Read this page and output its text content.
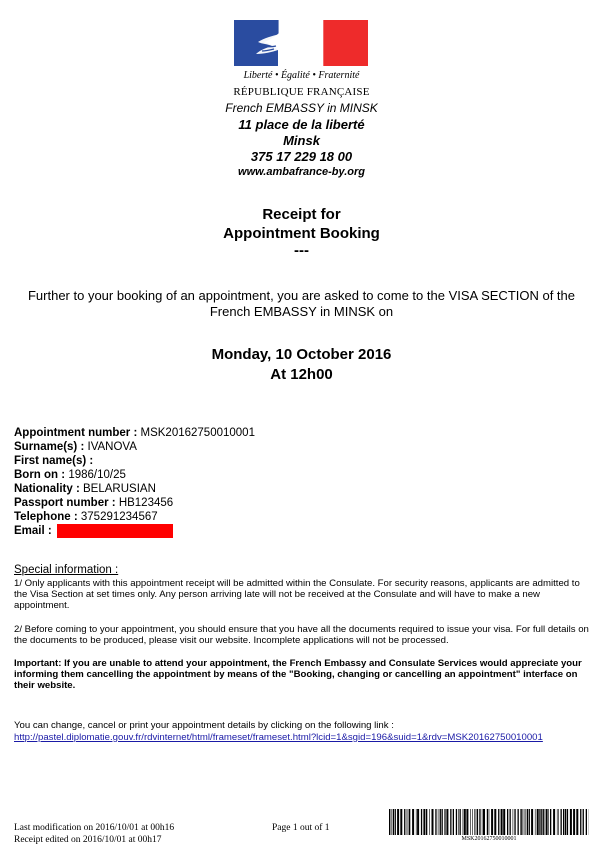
Liberté • Égalité • Fraternité
RÉPUBLIQUE FRANÇAISE
French EMBASSY in MINSK
11 place de la liberté
Minsk
375 17 229 18 00
www.ambafrance-by.org
Receipt for
Appointment Booking
---
Further to your booking of an appointment, you are asked to come to the VISA SECTION of the French EMBASSY in MINSK on
Monday, 10 October 2016
At 12h00
Appointment number : MSK20162750010001
Surname(s) : IVANOVA
First name(s) :
Born on : 1986/10/25
Nationality : BELARUSIAN
Passport number : HB123456
Telephone : 375291234567
Email :
Special information :
1/ Only applicants with this appointment receipt will be admitted within the Consulate. For security reasons, applicants are admitted to the Visa Section at set times only. Any person arriving late will not be received at the Consulate and will have to make a new appointment.
2/ Before coming to your appointment, you should ensure that you have all the documents required to issue your visa. For full details on the documents to be produced, please visit our website. Incomplete applications will not be processed.
Important: If you are unable to attend your appointment, the French Embassy and Consulate Services would appreciate your informing them cancelling the appointment by means of the "Booking, changing or cancelling an appointment" interface on their website.
You can change, cancel or print your appointment details by clicking on the following link :
http://pastel.diplomatie.gouv.fr/rdvinternet/html/frameset/frameset.html?lcid=1&sgid=196&suid=1&rdv=MSK20162750010001
Last modification on 2016/10/01 at 00h16
Receipt edited on 2016/10/01 at 00h17
Page 1 out of 1
MSK20162750010001
